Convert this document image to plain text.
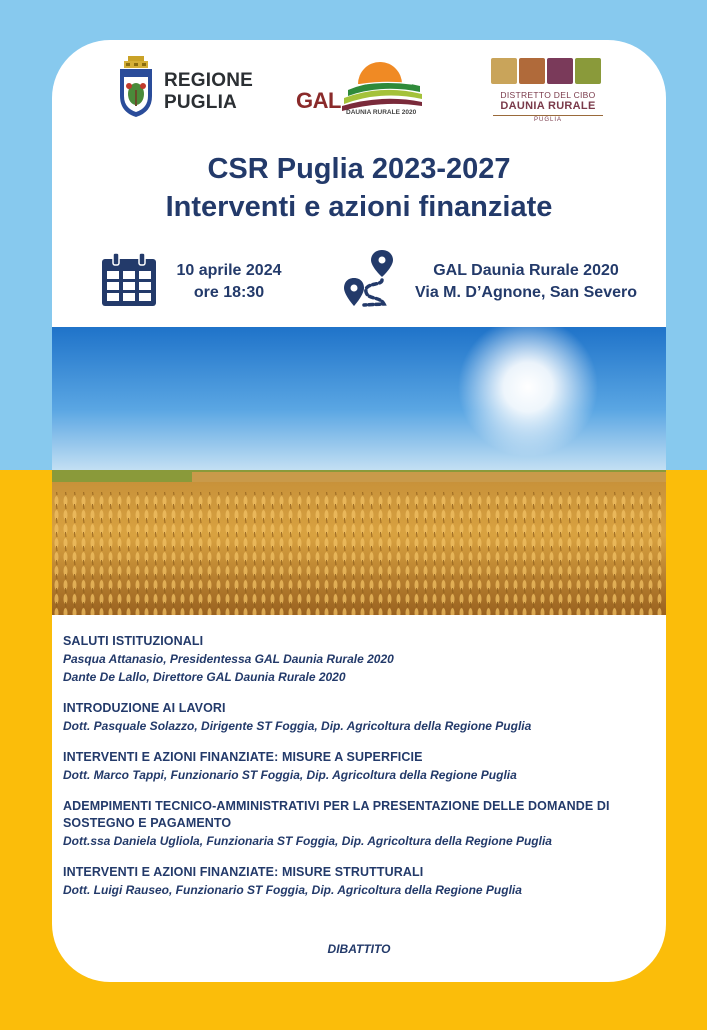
REGIONE
PUGLIA	GAL DAUNIA RURALE 2020
DISTRETTO DEL CIBO
DAUNIA RURALE
PUGLIA
CSR Puglia 2023-2027
Interventi e azioni finanziate
10 aprile 2024
ore 18:30
GAL Daunia Rurale 2020
Via M. D’Agnone, San Severo
SALUTI ISTITUZIONALI
Pasqua Attanasio, Presidentessa GAL Daunia Rurale 2020
Dante De Lallo, Direttore GAL Daunia Rurale 2020
INTRODUZIONE AI LAVORI
Dott. Pasquale Solazzo, Dirigente ST Foggia, Dip. Agricoltura della Regione Puglia
INTERVENTI E AZIONI FINANZIATE: MISURE A SUPERFICIE
Dott. Marco Tappi, Funzionario ST Foggia, Dip. Agricoltura della Regione Puglia
ADEMPIMENTI TECNICO-AMMINISTRATIVI PER LA PRESENTAZIONE DELLE DOMANDE DI SOSTEGNO E PAGAMENTO
Dott.ssa Daniela Ugliola, Funzionaria ST Foggia, Dip. Agricoltura della Regione Puglia
INTERVENTI E AZIONI FINANZIATE: MISURE STRUTTURALI
Dott. Luigi Rauseo, Funzionario ST Foggia, Dip. Agricoltura della Regione Puglia
DIBATTITO
